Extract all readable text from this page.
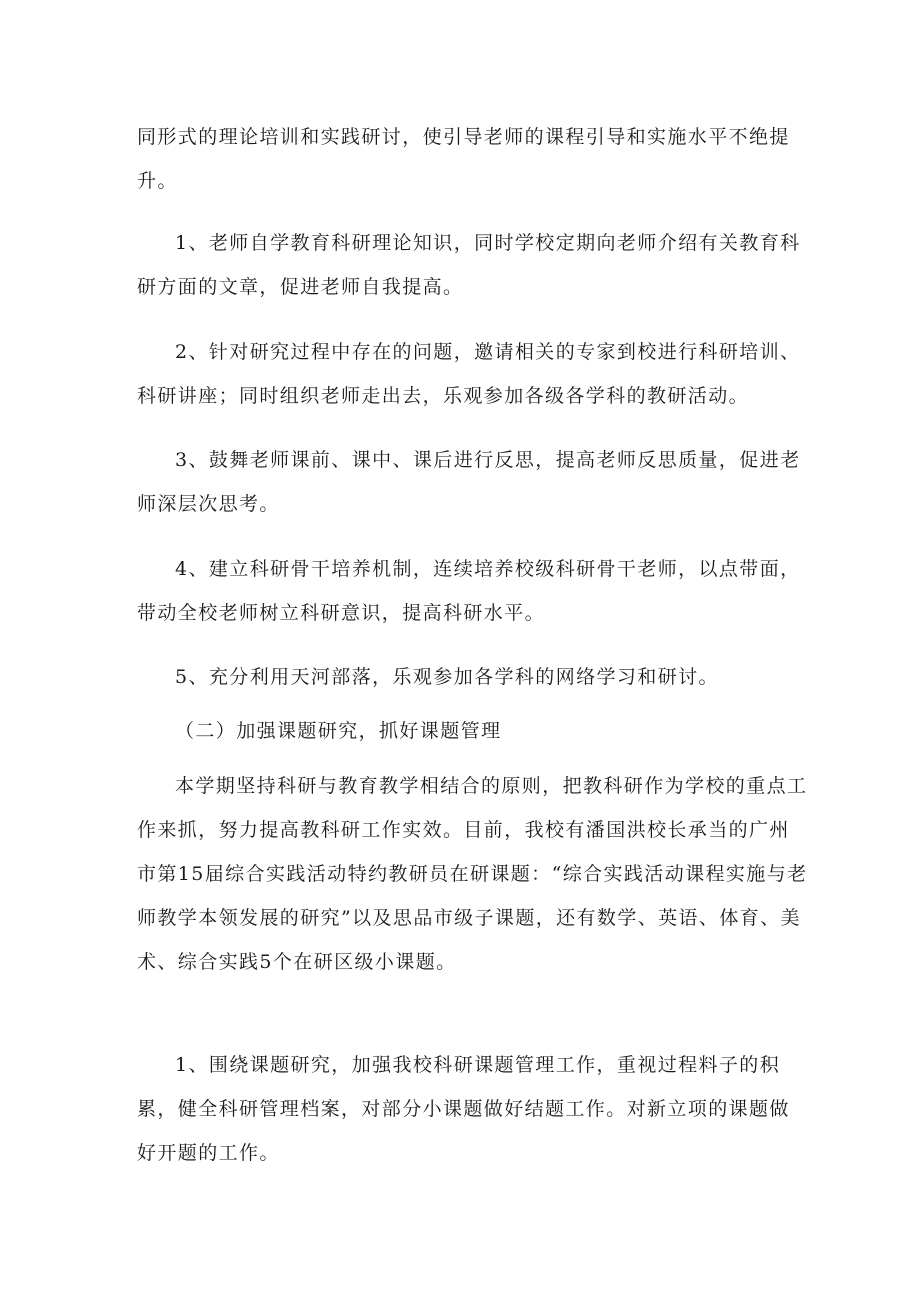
同形式的理论培训和实践研讨，使引导老师的课程引导和实施水平不绝提升。

1、老师自学教育科研理论知识，同时学校定期向老师介绍有关教育科研方面的文章，促进老师自我提高。

2、针对研究过程中存在的问题，邀请相关的专家到校进行科研培训、科研讲座；同时组织老师走出去，乐观参加各级各学科的教研活动。

3、鼓舞老师课前、课中、课后进行反思，提高老师反思质量，促进老师深层次思考。

4、建立科研骨干培养机制，连续培养校级科研骨干老师，以点带面，带动全校老师树立科研意识，提高科研水平。

5、充分利用天河部落，乐观参加各学科的网络学习和研讨。

（二）加强课题研究，抓好课题管理

本学期坚持科研与教育教学相结合的原则，把教科研作为学校的重点工作来抓，努力提高教科研工作实效。目前，我校有潘国洪校长承当的广州市第15届综合实践活动特约教研员在研课题：“综合实践活动课程实施与老师教学本领发展的研究”以及思品市级子课题，还有数学、英语、体育、美术、综合实践5个在研区级小课题。

1、围绕课题研究，加强我校科研课题管理工作，重视过程料子的积累，健全科研管理档案，对部分小课题做好结题工作。对新立项的课题做好开题的工作。
